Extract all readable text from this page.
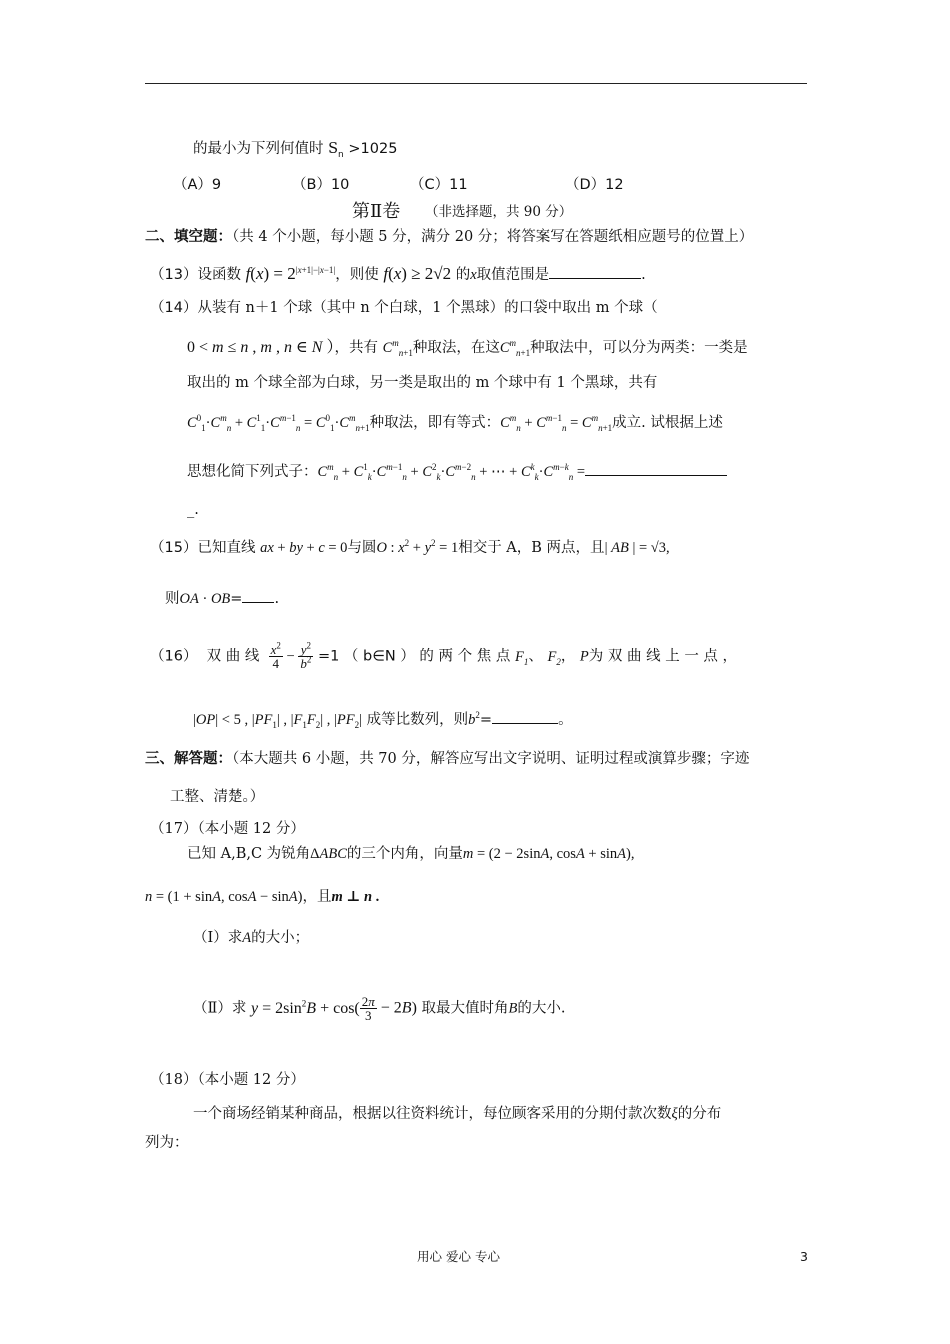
的最小为下列何值时 $S_n >1025$
（A）9	（B）10	（C）11	（D）12
第Ⅱ卷 （非选择题，共 90 分）
二、填空题：（共 4 个小题，每小题 5 分，满分 20 分；将答案写在答题纸相应题号的位置上）
（13）设函数 $f(x) = 2^{|x+1|-|x-1|}$，则使 f(x) ≥ 2√2 的x取值范围是	.
（14）从装有 n＋1 个球（其中 n 个白球，1 个黑球）的口袋中取出 m 个球（
0 < m ≤ n , m , n ∈ N ），共有 $C^m_{n+1}$种取法，在这$C^m_{n+1}$种取法中，可以分为两类：一类是
取出的 m 个球全部为白球，另一类是取出的 m 个球中有 1 个黑球，共有
$C^0_1\cdot C^m_n + C^1_1\cdot C^{m-1}_n = C^0_1\cdot C^m_{n+1}$种取法，即有等式：$C^m_n + C^{m-1}_n = C^m_{n+1}$成立. 试根据上述
思想化简下列式子：$C^m_n + C^1_k\cdot C^{m-1}_n + C^2_k\cdot C^{m-2}_n$ + ⋯ + $C^k_k\cdot C^{m-k}_n$ =
_.
（15）已知直线 ax + by + c = 0与圆O : $x^2 + y^2 = 1$相交于 A，B 两点，且| AB | = √3,
则OA · OB= .
（16） 双 曲 线 $\frac{x^2}{4} - \frac{y^2}{b^2} =1$ （ b∈N ） 的 两 个 焦 点 $F_1$、 $F_2$， P为 双 曲 线 上 一 点 ，
|OP| < 5 , $|PF_1|$ , $|F_1F_2|$ , $|PF_2|$ 成等比数列，则$b^2=$	。
三、解答题：（本大题共 6 小题，共 70 分，解答应写出文字说明、证明过程或演算步骤；字迹
工整、清楚。）
（17）（本小题 12 分）
已知 A,B,C 为锐角ΔABC的三个内角，向量m = (2 − 2sinA, cosA + sinA),
n = (1 + sinA, cosA − sinA)，且m ⊥ n .
（Ⅰ）求A的大小；
（Ⅱ）求 $y = 2\sin^2B + \cos( \frac{2\pi}{3} - 2B)$ 取最大值时角B的大小.
（18）（本小题 12 分）
一个商场经销某种商品，根据以往资料统计，每位顾客采用的分期付款次数ξ的分布
列为：
用心 爱心 专心	3
